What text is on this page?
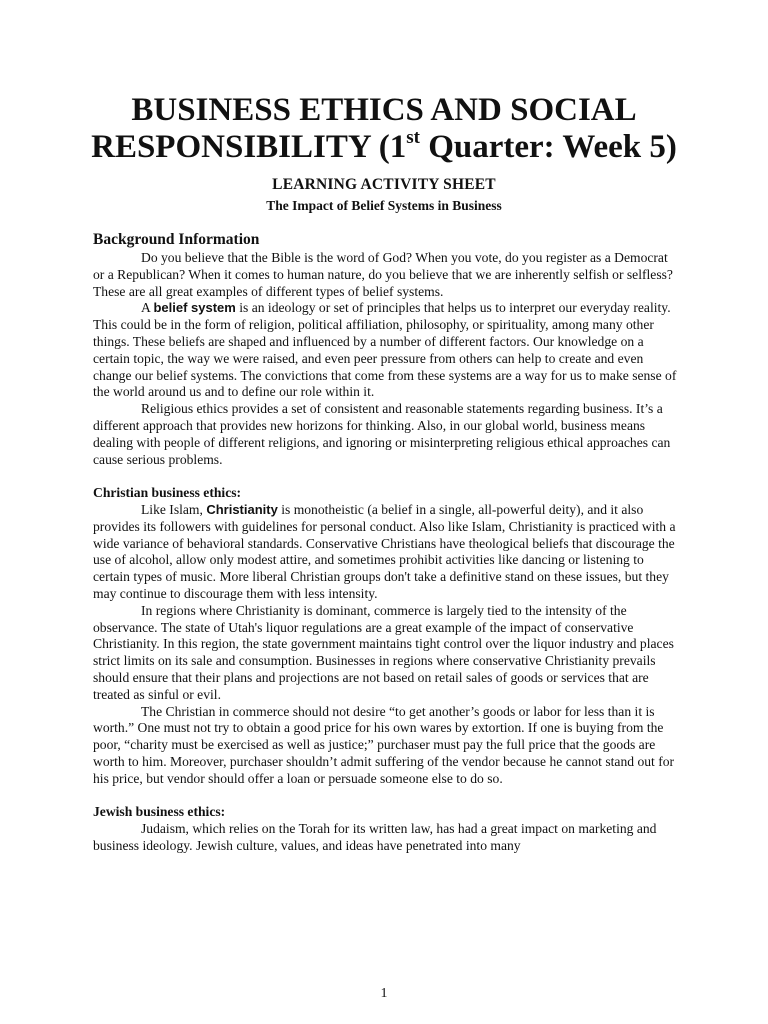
BUSINESS ETHICS AND SOCIAL
RESPONSIBILITY (1st Quarter: Week 5)
LEARNING ACTIVITY SHEET
The Impact of Belief Systems in Business

Background Information

Do you believe that the Bible is the word of God? When you vote, do you register as a Democrat or a Republican? When it comes to human nature, do you believe that we are inherently selfish or selfless? These are all great examples of different types of belief systems.

A belief system is an ideology or set of principles that helps us to interpret our everyday reality. This could be in the form of religion, political affiliation, philosophy, or spirituality, among many other things. These beliefs are shaped and influenced by a number of different factors. Our knowledge on a certain topic, the way we were raised, and even peer pressure from others can help to create and even change our belief systems. The convictions that come from these systems are a way for us to make sense of the world around us and to define our role within it.

Religious ethics provides a set of consistent and reasonable statements regarding business. It’s a different approach that provides new horizons for thinking. Also, in our global world, business means dealing with people of different religions, and ignoring or misinterpreting religious ethical approaches can cause serious problems.

Christian business ethics:

Like Islam, Christianity is monotheistic (a belief in a single, all-powerful deity), and it also provides its followers with guidelines for personal conduct. Also like Islam, Christianity is practiced with a wide variance of behavioral standards. Conservative Christians have theological beliefs that discourage the use of alcohol, allow only modest attire, and sometimes prohibit activities like dancing or listening to certain types of music. More liberal Christian groups don't take a definitive stand on these issues, but they may continue to discourage them with less intensity.

In regions where Christianity is dominant, commerce is largely tied to the intensity of the observance. The state of Utah's liquor regulations are a great example of the impact of conservative Christianity. In this region, the state government maintains tight control over the liquor industry and places strict limits on its sale and consumption. Businesses in regions where conservative Christianity prevails should ensure that their plans and projections are not based on retail sales of goods or services that are treated as sinful or evil.

The Christian in commerce should not desire “to get another’s goods or labor for less than it is worth.” One must not try to obtain a good price for his own wares by extortion. If one is buying from the poor, “charity must be exercised as well as justice;” purchaser must pay the full price that the goods are worth to him. Moreover, purchaser shouldn’t admit suffering of the vendor because he cannot stand out for his price, but vendor should offer a loan or persuade someone else to do so.

Jewish business ethics:

Judaism, which relies on the Torah for its written law, has had a great impact on marketing and business ideology. Jewish culture, values, and ideas have penetrated into many

1
